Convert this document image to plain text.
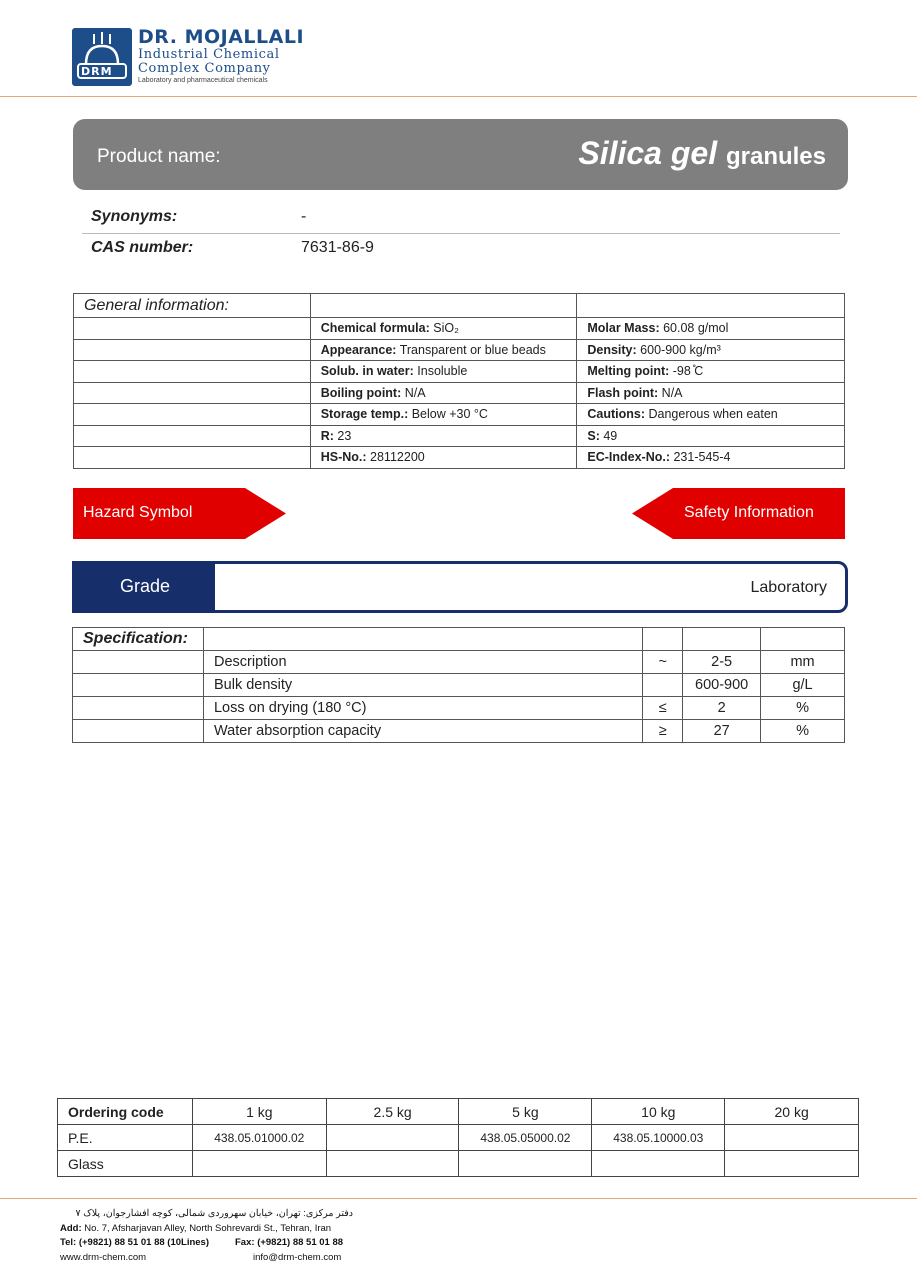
DRM
DR. MOJALLALI
Industrial Chemical
Complex Company
Laboratory and pharmaceutical chemicals
Product name:	Silica gel granules
Synonyms:	-
CAS number:	7631-86-9
General information:		
	Chemical formula: SiO₂	Molar Mass: 60.08 g/mol
	Appearance: Transparent or blue beads	Density: 600-900 kg/m³
	Solub. in water: Insoluble	Melting point: -98 ̊C
	Boiling point: N/A	Flash point: N/A
	Storage temp.: Below +30 °C	Cautions: Dangerous when eaten
	R: 23	S: 49
	HS-No.: 28112200	EC-Index-No.: 231-545-4
Hazard Symbol	Safety Information
Grade	Laboratory
Specification:				
	Description	~	2-5	mm
	Bulk density		600-900	g/L
	Loss on drying (180 °C)	≤	2	%
	Water absorption capacity	≥	27	%
Ordering code	1 kg	2.5 kg	5 kg	10 kg	20 kg
P.E.	438.05.01000.02		438.05.05000.02	438.05.10000.03	
Glass					
دفتر مرکزی: تهران، خیابان سهروردی شمالی، کوچه افشارجوان، پلاک ۷
Add: No. 7, Afsharjavan Alley, North Sohrevardi St., Tehran, Iran
Tel: (+9821) 88 51 01 88 (10Lines)	Fax: (+9821) 88 51 01 88
www.drm-chem.com	info@drm-chem.com
